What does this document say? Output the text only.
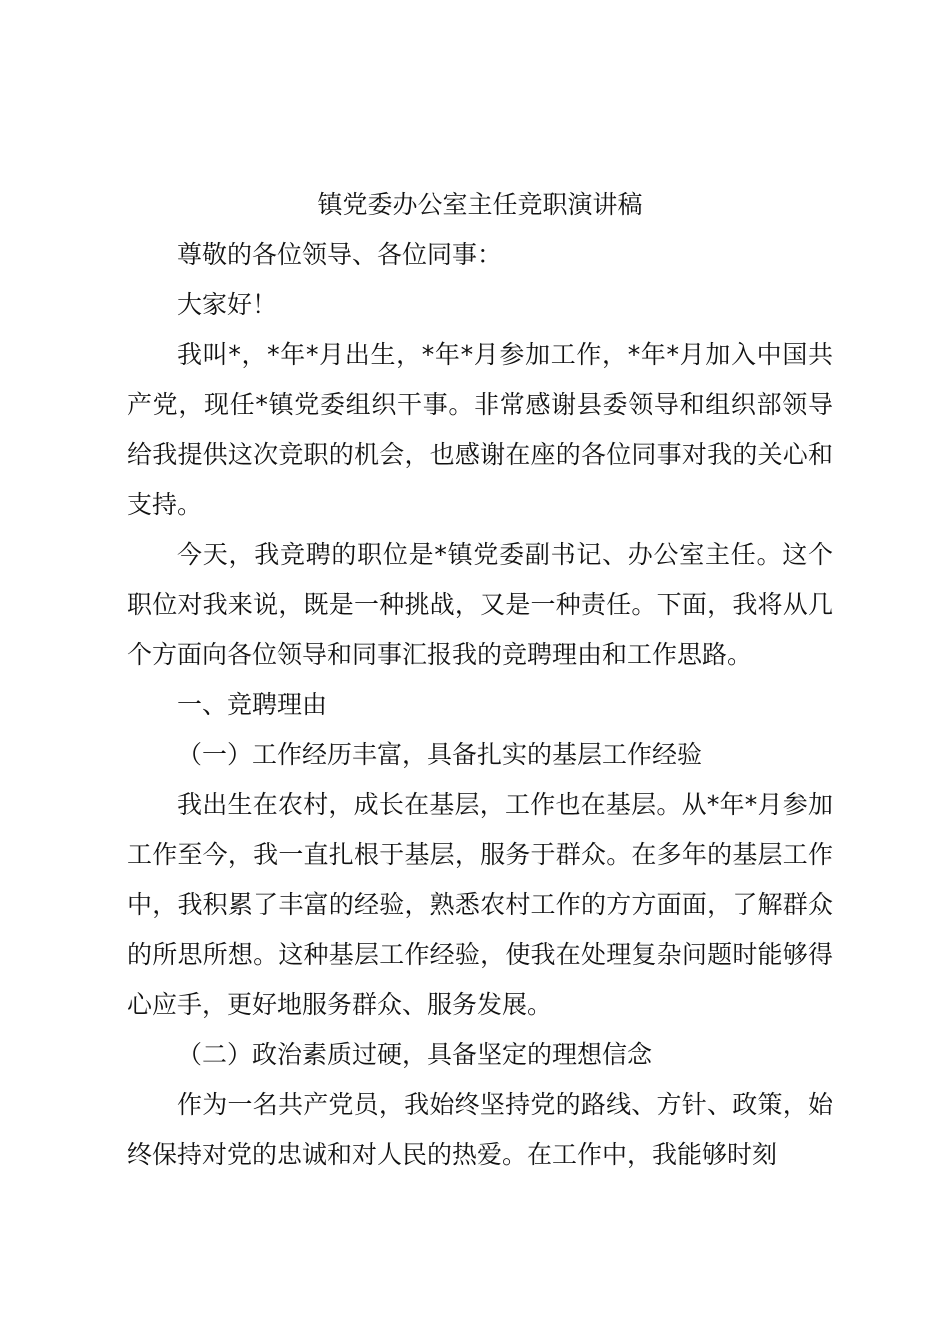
镇党委办公室主任竞职演讲稿

尊敬的各位领导、各位同事：

大家好！

我叫*，*年*月出生，*年*月参加工作，*年*月加入中国共产党，现任*镇党委组织干事。非常感谢县委领导和组织部领导给我提供这次竞职的机会，也感谢在座的各位同事对我的关心和支持。

今天，我竞聘的职位是*镇党委副书记、办公室主任。这个职位对我来说，既是一种挑战，又是一种责任。下面，我将从几个方面向各位领导和同事汇报我的竞聘理由和工作思路。

一、竞聘理由

（一）工作经历丰富，具备扎实的基层工作经验

我出生在农村，成长在基层，工作也在基层。从*年*月参加工作至今，我一直扎根于基层，服务于群众。在多年的基层工作中，我积累了丰富的经验，熟悉农村工作的方方面面，了解群众的所思所想。这种基层工作经验，使我在处理复杂问题时能够得心应手，更好地服务群众、服务发展。

（二）政治素质过硬，具备坚定的理想信念

作为一名共产党员，我始终坚持党的路线、方针、政策，始终保持对党的忠诚和对人民的热爱。在工作中，我能够时刻
